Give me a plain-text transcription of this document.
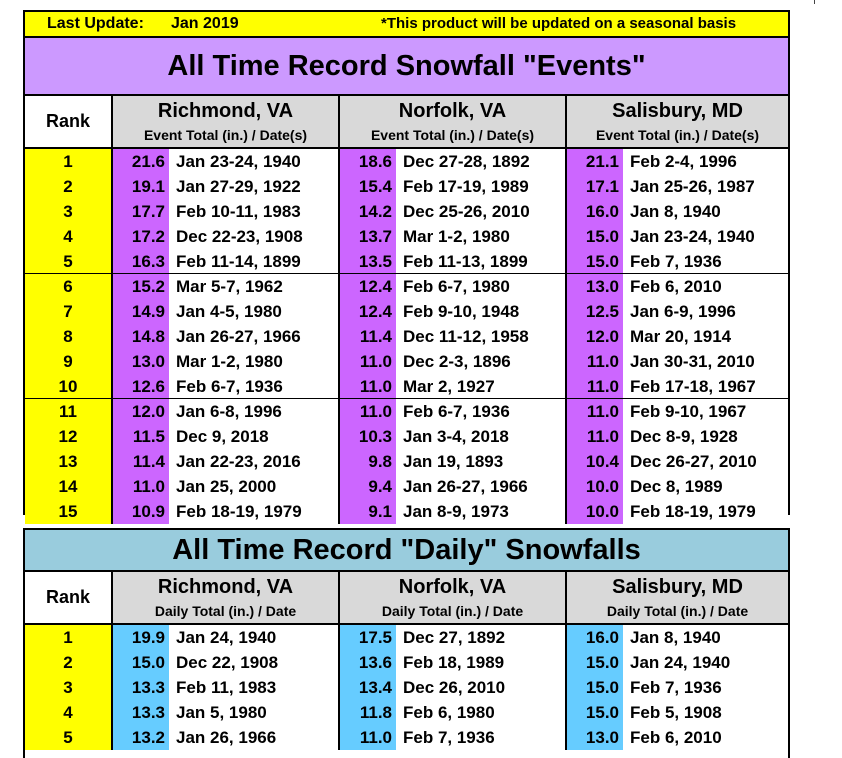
Last Update: Jan 2019	*This product will be updated on a seasonal basis
All Time Record Snowfall "Events"
Rank	Richmond, VA
Event Total (in.) / Date(s)
Norfolk, VA
Event Total (in.) / Date(s)
Salisbury, MD
Event Total (in.) / Date(s)
1	21.6 Jan 23-24, 1940	18.6 Dec 27-28, 1892	21.1 Feb 2-4, 1996
2	19.1 Jan 27-29, 1922	15.4 Feb 17-19, 1989	17.1 Jan 25-26, 1987
3	17.7 Feb 10-11, 1983	14.2 Dec 25-26, 2010	16.0 Jan 8, 1940
4	17.2 Dec 22-23, 1908	13.7 Mar 1-2, 1980	15.0 Jan 23-24, 1940
5	16.3 Feb 11-14, 1899	13.5 Feb 11-13, 1899	15.0 Feb 7, 1936
6	15.2 Mar 5-7, 1962	12.4 Feb 6-7, 1980	13.0 Feb 6, 2010
7	14.9 Jan 4-5, 1980	12.4 Feb 9-10, 1948	12.5 Jan 6-9, 1996
8	14.8 Jan 26-27, 1966	11.4 Dec 11-12, 1958	12.0 Mar 20, 1914
9	13.0 Mar 1-2, 1980	11.0 Dec 2-3, 1896	11.0 Jan 30-31, 2010
10	12.6 Feb 6-7, 1936	11.0 Mar 2, 1927	11.0 Feb 17-18, 1967
11	12.0 Jan 6-8, 1996	11.0 Feb 6-7, 1936	11.0 Feb 9-10, 1967
12	11.5 Dec 9, 2018	10.3 Jan 3-4, 2018	11.0 Dec 8-9, 1928
13	11.4 Jan 22-23, 2016	9.8 Jan 19, 1893	10.4 Dec 26-27, 2010
14	11.0 Jan 25, 2000	9.4 Jan 26-27, 1966	10.0 Dec 8, 1989
15	10.9 Feb 18-19, 1979	9.1 Jan 8-9, 1973	10.0 Feb 18-19, 1979
All Time Record "Daily" Snowfalls
Rank	Richmond, VA
Daily Total (in.) / Date
Norfolk, VA
Daily Total (in.) / Date
Salisbury, MD
Daily Total (in.) / Date
1	19.9 Jan 24, 1940	17.5 Dec 27, 1892	16.0 Jan 8, 1940
2	15.0 Dec 22, 1908	13.6 Feb 18, 1989	15.0 Jan 24, 1940
3	13.3 Feb 11, 1983	13.4 Dec 26, 2010	15.0 Feb 7, 1936
4	13.3 Jan 5, 1980	11.8 Feb 6, 1980	15.0 Feb 5, 1908
5	13.2 Jan 26, 1966	11.0 Feb 7, 1936	13.0 Feb 6, 2010
